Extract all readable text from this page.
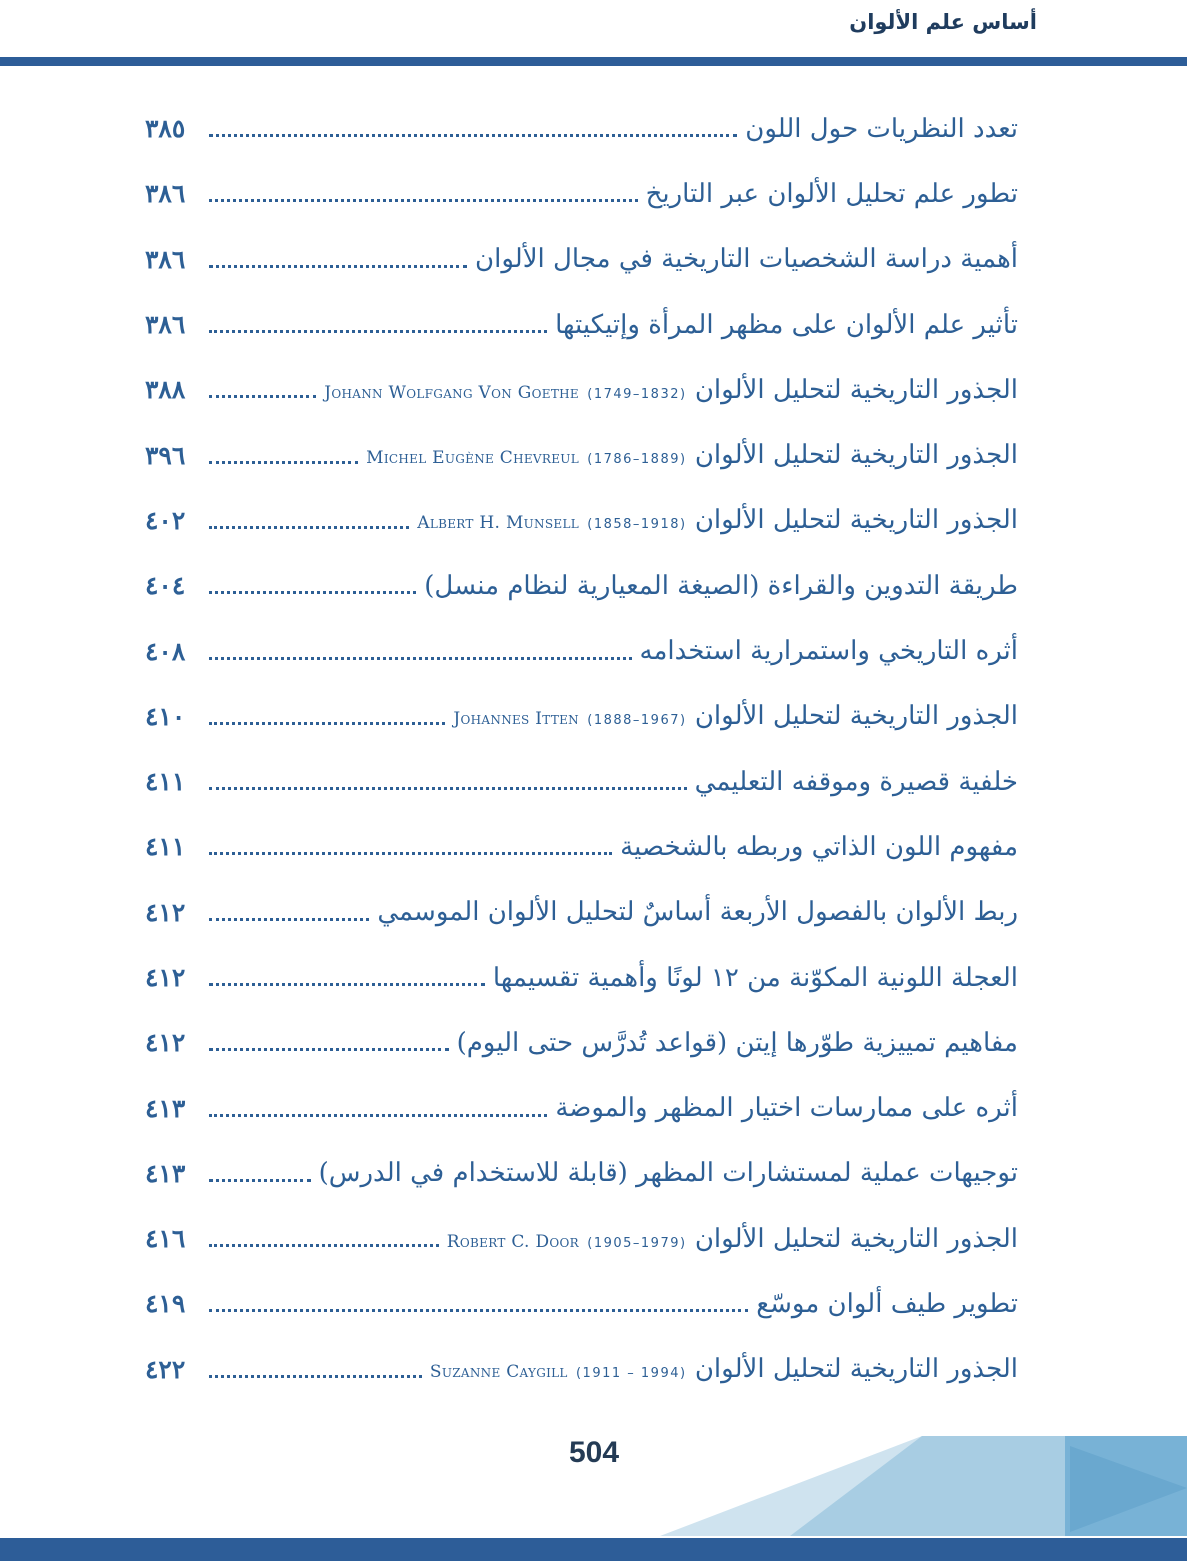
أساس علم الألوان
تعدد النظريات حول اللون
٣٨٥
تطور علم تحليل الألوان عبر التاريخ
٣٨٦
أهمية دراسة الشخصيات التاريخية في مجال الألوان
٣٨٦
تأثير علم الألوان على مظهر المرأة وإتيكيتها
٣٨٦
الجذور التاريخية لتحليل الألوان Johann Wolfgang Von Goethe (1749–1832)
٣٨٨
الجذور التاريخية لتحليل الألوان Michel Eugène Chevreul (1786–1889)
٣٩٦
الجذور التاريخية لتحليل الألوان Albert H. Munsell (1858–1918)
٤٠٢
طريقة التدوين والقراءة (الصيغة المعيارية لنظام منسل)
٤٠٤
أثره التاريخي واستمرارية استخدامه
٤٠٨
الجذور التاريخية لتحليل الألوان Johannes Itten (1888–1967)
٤١٠
خلفية قصيرة وموقفه التعليمي
٤١١
مفهوم اللون الذاتي وربطه بالشخصية
٤١١
ربط الألوان بالفصول الأربعة أساسٌ لتحليل الألوان الموسمي
٤١٢
العجلة اللونية المكوّنة من ١٢ لونًا وأهمية تقسيمها
٤١٢
مفاهيم تمييزية طوّرها إيتن (قواعد تُدرَّس حتى اليوم)
٤١٢
أثره على ممارسات اختيار المظهر والموضة
٤١٣
توجيهات عملية لمستشارات المظهر (قابلة للاستخدام في الدرس)
٤١٣
الجذور التاريخية لتحليل الألوان Robert C. Door (1905–1979)
٤١٦
تطوير طيف ألوان موسّع
٤١٩
الجذور التاريخية لتحليل الألوان Suzanne Caygill (1911 – 1994)
٤٢٢
504
